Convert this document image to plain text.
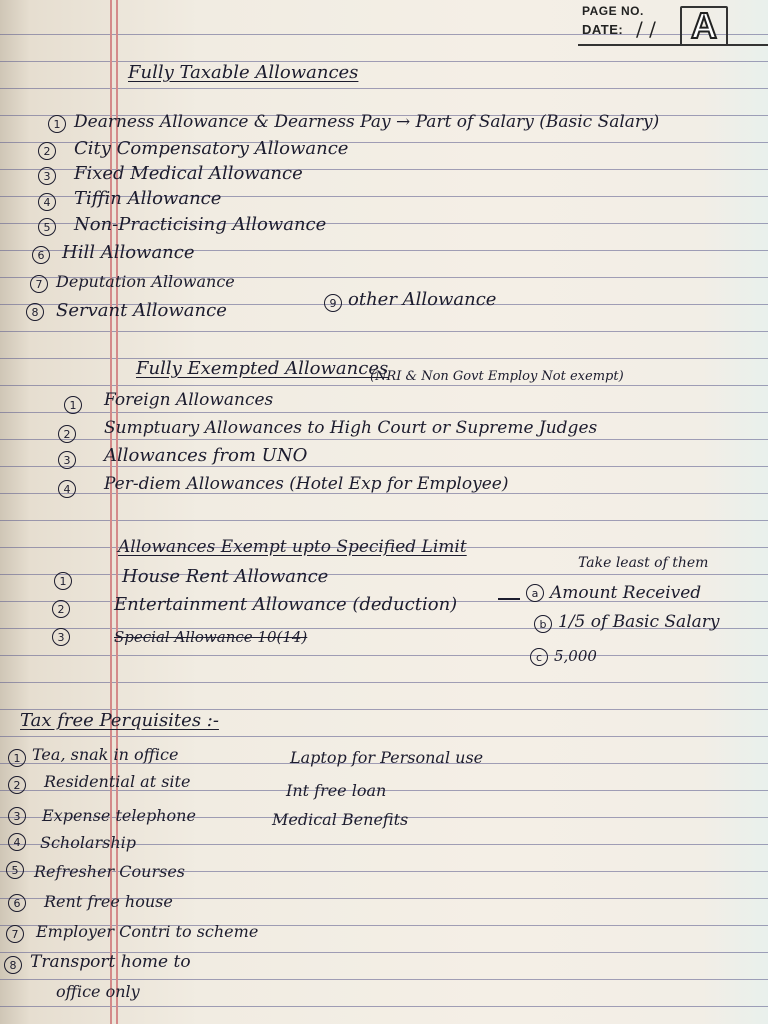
PAGE NO.
DATE: / / A
Fully Taxable Allowances
1 Dearness Allowance & Dearness Pay → Part of Salary (Basic Salary)
2	City Compensatory Allowance
3	Fixed Medical Allowance
4	Tiffin Allowance
5	Non-Practicising Allowance
6 Hill Allowance
7 Deputation Allowance
8 Servant Allowance	9 other Allowance
Fully Exempted Allowances
1	Foreign Allowances
(NRI & Non Govt Employ Not exempt)
2	Sumptuary Allowances to High Court or Supreme Judges
3	Allowances from UNO
4	Per-diem Allowances (Hotel Exp for Employee)
Allowances Exempt upto Specified Limit
Take least of them
1	House Rent Allowance
2	Entertainment Allowance (deduction)
3	Special Allowance 10(14)
a Amount Received
b 1/5 of Basic Salary
c 5,000
Tax free Perquisites :-
1 Tea, snak in office
2	Residential at site
3	Expense telephone
4	Scholarship
5 Refresher Courses
6	Rent free house
7	Employer Contri to scheme
8 Transport home to
office only
Laptop for Personal use
Int free loan
Medical Benefits
